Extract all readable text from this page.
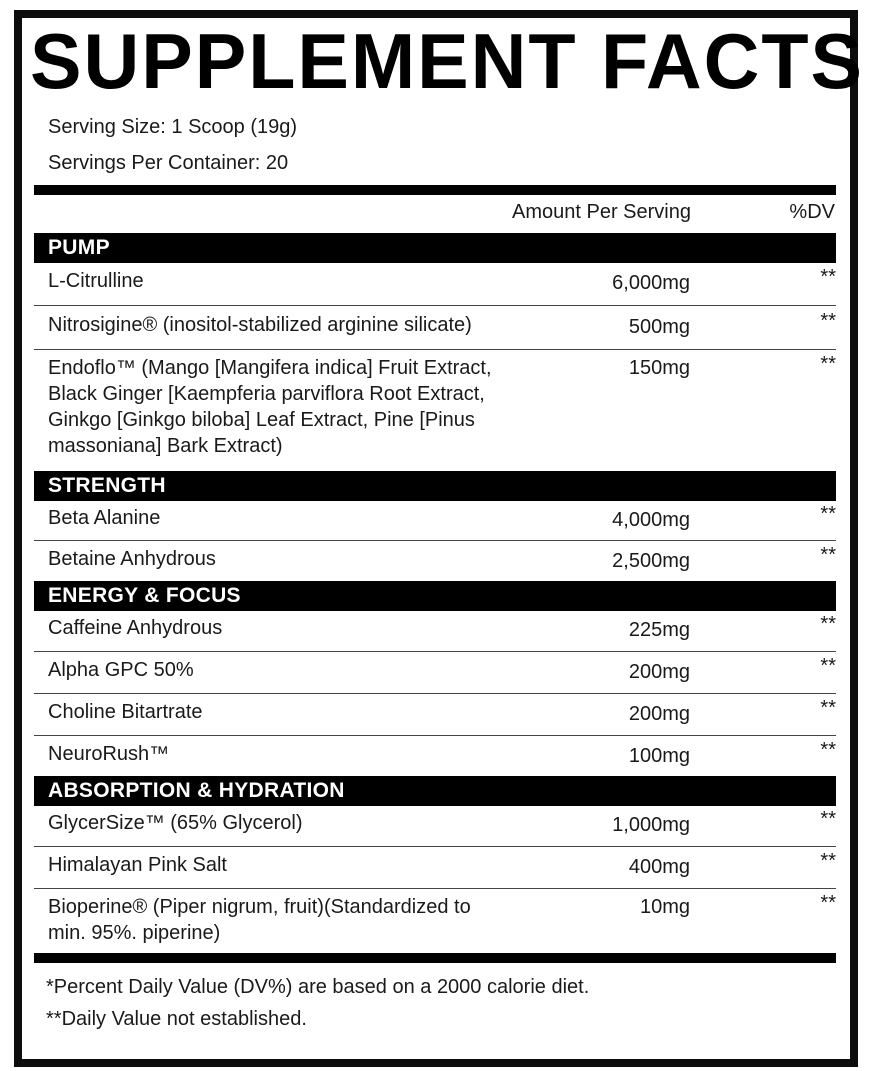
SUPPLEMENT FACTS
Serving Size: 1 Scoop (19g)
Servings Per Container: 20
Amount Per Serving	%DV
PUMP
L-Citrulline	6,000mg	**
Nitrosigine® (inositol-stabilized arginine silicate)	500mg	**
Endoflo™ (Mango [Mangifera indica] Fruit Extract,
Black Ginger [Kaempferia parviflora Root Extract,
Ginkgo [Ginkgo biloba] Leaf Extract, Pine [Pinus
massoniana] Bark Extract)
150mg	**
STRENGTH
Beta Alanine	4,000mg	**
Betaine Anhydrous	2,500mg	**
ENERGY & FOCUS
Caffeine Anhydrous	225mg	**
Alpha GPC 50%	200mg	**
Choline Bitartrate	200mg	**
NeuroRush™	100mg	**
ABSORPTION & HYDRATION
GlycerSize™ (65% Glycerol)	1,000mg	**
Himalayan Pink Salt	400mg	**
Bioperine® (Piper nigrum, fruit)(Standardized to
min. 95%. piperine)
10mg	**
*Percent Daily Value (DV%) are based on a 2000 calorie diet.
**Daily Value not established.
